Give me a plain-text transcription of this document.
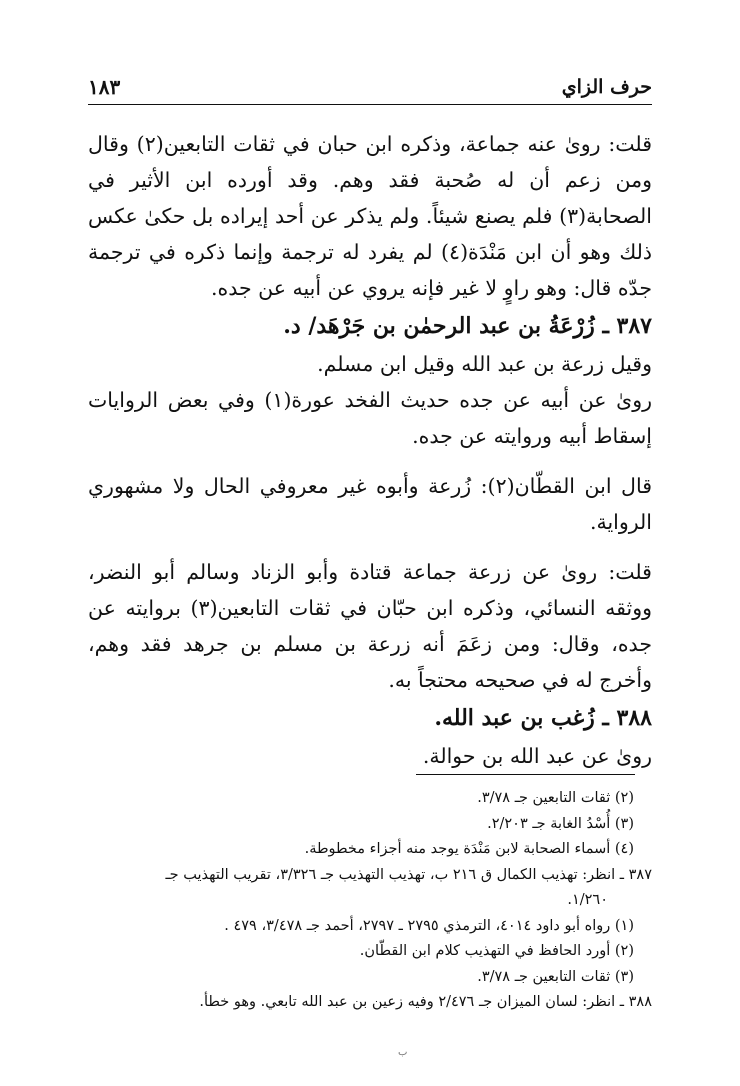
حرف الزاي
١٨٣

قلت: روىٰ عنه جماعة، وذكره ابن حبان في ثقات التابعين(٢) وقال ومن زعم أن له صُحبة فقد وهم. وقد أورده ابن الأثير في الصحابة(٣) فلم يصنع شيئاً. ولم يذكر عن أحد إيراده بل حكىٰ عكس ذلك وهو أن ابن مَنْدَة(٤) لم يفرد له ترجمة وإنما ذكره في ترجمة جدّه قال: وهو راوٍ لا غير فإنه يروي عن أبيه عن جده.

٣٨٧ ـ زُرْعَةُ بن عبد الرحمٰن بن جَرْهَد/ د.

وقيل زرعة بن عبد الله وقيل ابن مسلم.

روىٰ عن أبيه عن جده حديث الفخد عورة(١) وفي بعض الروايات إسقاط أبيه وروايته عن جده.

قال ابن القطّان(٢): زُرعة وأبوه غير معروفي الحال ولا مشهوري الرواية.

قلت: روىٰ عن زرعة جماعة قتادة وأبو الزناد وسالم أبو النضر، ووثقه النسائي، وذكره ابن حبّان في ثقات التابعين(٣) بروايته عن جده، وقال: ومن زعَمَ أنه زرعة بن مسلم بن جرهد فقد وهم، وأخرج له في صحيحه محتجاً به.

٣٨٨ ـ زُغب بن عبد الله.

روىٰ عن عبد الله بن حوالة.

(٢) ثقات التابعين جـ ٣/٧٨.

(٣) أُسْدُ الغابة جـ ٢/٢٠٣.

(٤) أسماء الصحابة لابن مَنْدَة يوجد منه أجزاء مخطوطة.

٣٨٧ ـ انظر: تهذيب الكمال ق ٢١٦ ب، تهذيب التهذيب جـ ٣/٣٢٦، تقريب التهذيب جـ

١/٢٦٠.

(١) رواه أبو داود ٤٠١٤، الترمذي ٢٧٩٥ ـ ٢٧٩٧، أحمد جـ ٣/٤٧٨، ٤٧٩ .

(٢) أورد الحافظ في التهذيب كلام ابن القطّان.

(٣) ثقات التابعين جـ ٣/٧٨.

٣٨٨ ـ انظر: لسان الميزان جـ ٢/٤٧٦ وفيه زعين بن عبد الله تابعي. وهو خطأ.

ب
